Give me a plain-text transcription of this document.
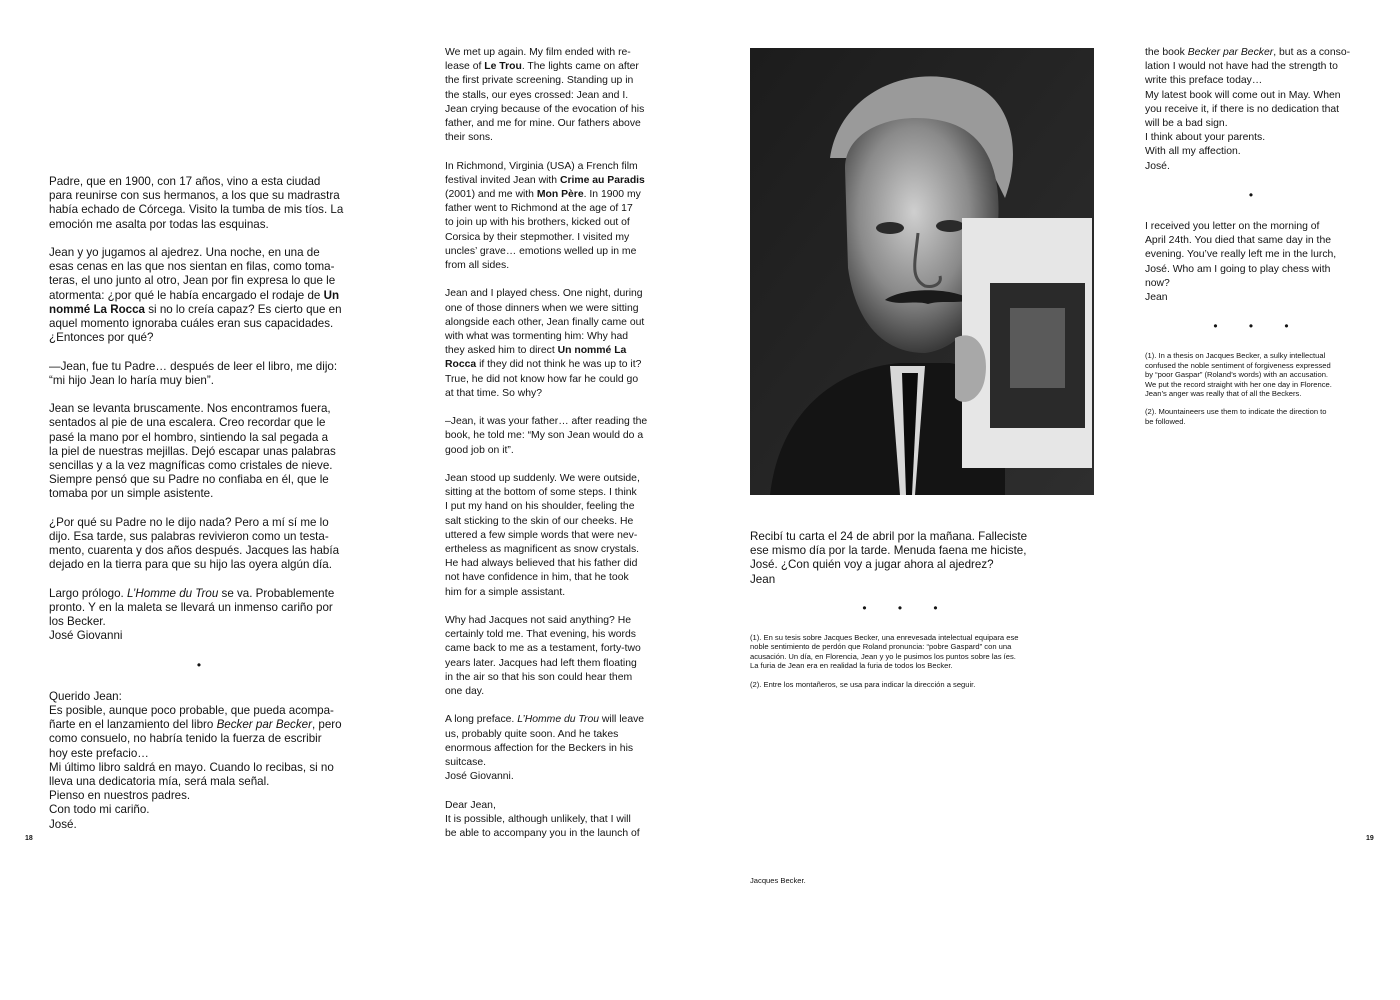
Padre, que en 1900, con 17 años, vino a esta ciudad
para reunirse con sus hermanos, a los que su madrastra
había echado de Córcega. Visito la tumba de mis tíos. La
emoción me asalta por todas las esquinas.

Jean y yo jugamos al ajedrez. Una noche, en una de
esas cenas en las que nos sientan en filas, como toma-
teras, el uno junto al otro, Jean por fin expresa lo que le
atormenta: ¿por qué le había encargado el rodaje de Un
nommé La Rocca si no lo creía capaz? Es cierto que en
aquel momento ignoraba cuáles eran sus capacidades.
¿Entonces por qué?

—Jean, fue tu Padre… después de leer el libro, me dijo:
“mi hijo Jean lo haría muy bien”.

Jean se levanta bruscamente. Nos encontramos fuera,
sentados al pie de una escalera. Creo recordar que le
pasé la mano por el hombro, sintiendo la sal pegada a
la piel de nuestras mejillas. Dejó escapar unas palabras
sencillas y a la vez magníficas como cristales de nieve.
Siempre pensó que su Padre no confiaba en él, que le
tomaba por un simple asistente.

¿Por qué su Padre no le dijo nada? Pero a mí sí me lo
dijo. Esa tarde, sus palabras revivieron como un testa-
mento, cuarenta y dos años después. Jacques las había
dejado en la tierra para que su hijo las oyera algún día.

Largo prólogo. L’Homme du Trou se va. Probablemente
pronto. Y en la maleta se llevará un inmenso cariño por
los Becker.
José Giovanni

•

Querido Jean:
Es posible, aunque poco probable, que pueda acompa-
ñarte en el lanzamiento del libro Becker par Becker, pero
como consuelo, no habría tenido la fuerza de escribir
hoy este prefacio…
Mi último libro saldrá en mayo. Cuando lo recibas, si no
lleva una dedicatoria mía, será mala señal.
Pienso en nuestros padres.
Con todo mi cariño.
José.

18

We met up again. My film ended with re-
lease of Le Trou. The lights came on after
the first private screening. Standing up in
the stalls, our eyes crossed: Jean and I.
Jean crying because of the evocation of his
father, and me for mine. Our fathers above
their sons.

In Richmond, Virginia (USA) a French film
festival invited Jean with Crime au Paradis
(2001) and me with Mon Père. In 1900 my
father went to Richmond at the age of 17
to join up with his brothers, kicked out of
Corsica by their stepmother. I visited my
uncles’ grave… emotions welled up in me
from all sides.

Jean and I played chess. One night, during
one of those dinners when we were sitting
alongside each other, Jean finally came out
with what was tormenting him: Why had
they asked him to direct Un nommé La
Rocca if they did not think he was up to it?
True, he did not know how far he could go
at that time. So why?

–Jean, it was your father… after reading the
book, he told me: “My son Jean would do a
good job on it”.

Jean stood up suddenly. We were outside,
sitting at the bottom of some steps. I think
I put my hand on his shoulder, feeling the
salt sticking to the skin of our cheeks. He
uttered a few simple words that were nev-
ertheless as magnificent as snow crystals.
He had always believed that his father did
not have confidence in him, that he took
him for a simple assistant.

Why had Jacques not said anything? He
certainly told me. That evening, his words
came back to me as a testament, forty-two
years later. Jacques had left them floating
in the air so that his son could hear them
one day.

A long preface. L’Homme du Trou will leave
us, probably quite soon. And he takes
enormous affection for the Beckers in his
suitcase.
José Giovanni.

Dear Jean,
It is possible, although unlikely, that I will
be able to accompany you in the launch of

Recibí tu carta el 24 de abril por la mañana. Falleciste
ese mismo día por la tarde. Menuda faena me hiciste,
José. ¿Con quién voy a jugar ahora al ajedrez?
Jean

• • •

(1). En su tesis sobre Jacques Becker, una enrevesada intelectual equipara ese
noble sentimiento de perdón que Roland pronuncia: “pobre Gaspard” con una
acusación. Un día, en Florencia, Jean y yo le pusimos los puntos sobre las íes.
La furia de Jean era en realidad la furia de todos los Becker.

(2). Entre los montañeros, se usa para indicar la dirección a seguir.

Jacques Becker.

the book Becker par Becker, but as a conso-
lation I would not have had the strength to
write this preface today…
My latest book will come out in May. When
you receive it, if there is no dedication that
will be a bad sign.
I think about your parents.
With all my affection.
José.

•

I received you letter on the morning of
April 24th. You died that same day in the
evening. You’ve really left me in the lurch,
José. Who am I going to play chess with
now?
Jean

• • •

(1). In a thesis on Jacques Becker, a sulky intellectual
confused the noble sentiment of forgiveness expressed
by “poor Gaspar” (Roland’s words) with an accusation.
We put the record straight with her one day in Florence.
Jean’s anger was really that of all the Beckers.

(2). Mountaineers use them to indicate the direction to
be followed.

19
